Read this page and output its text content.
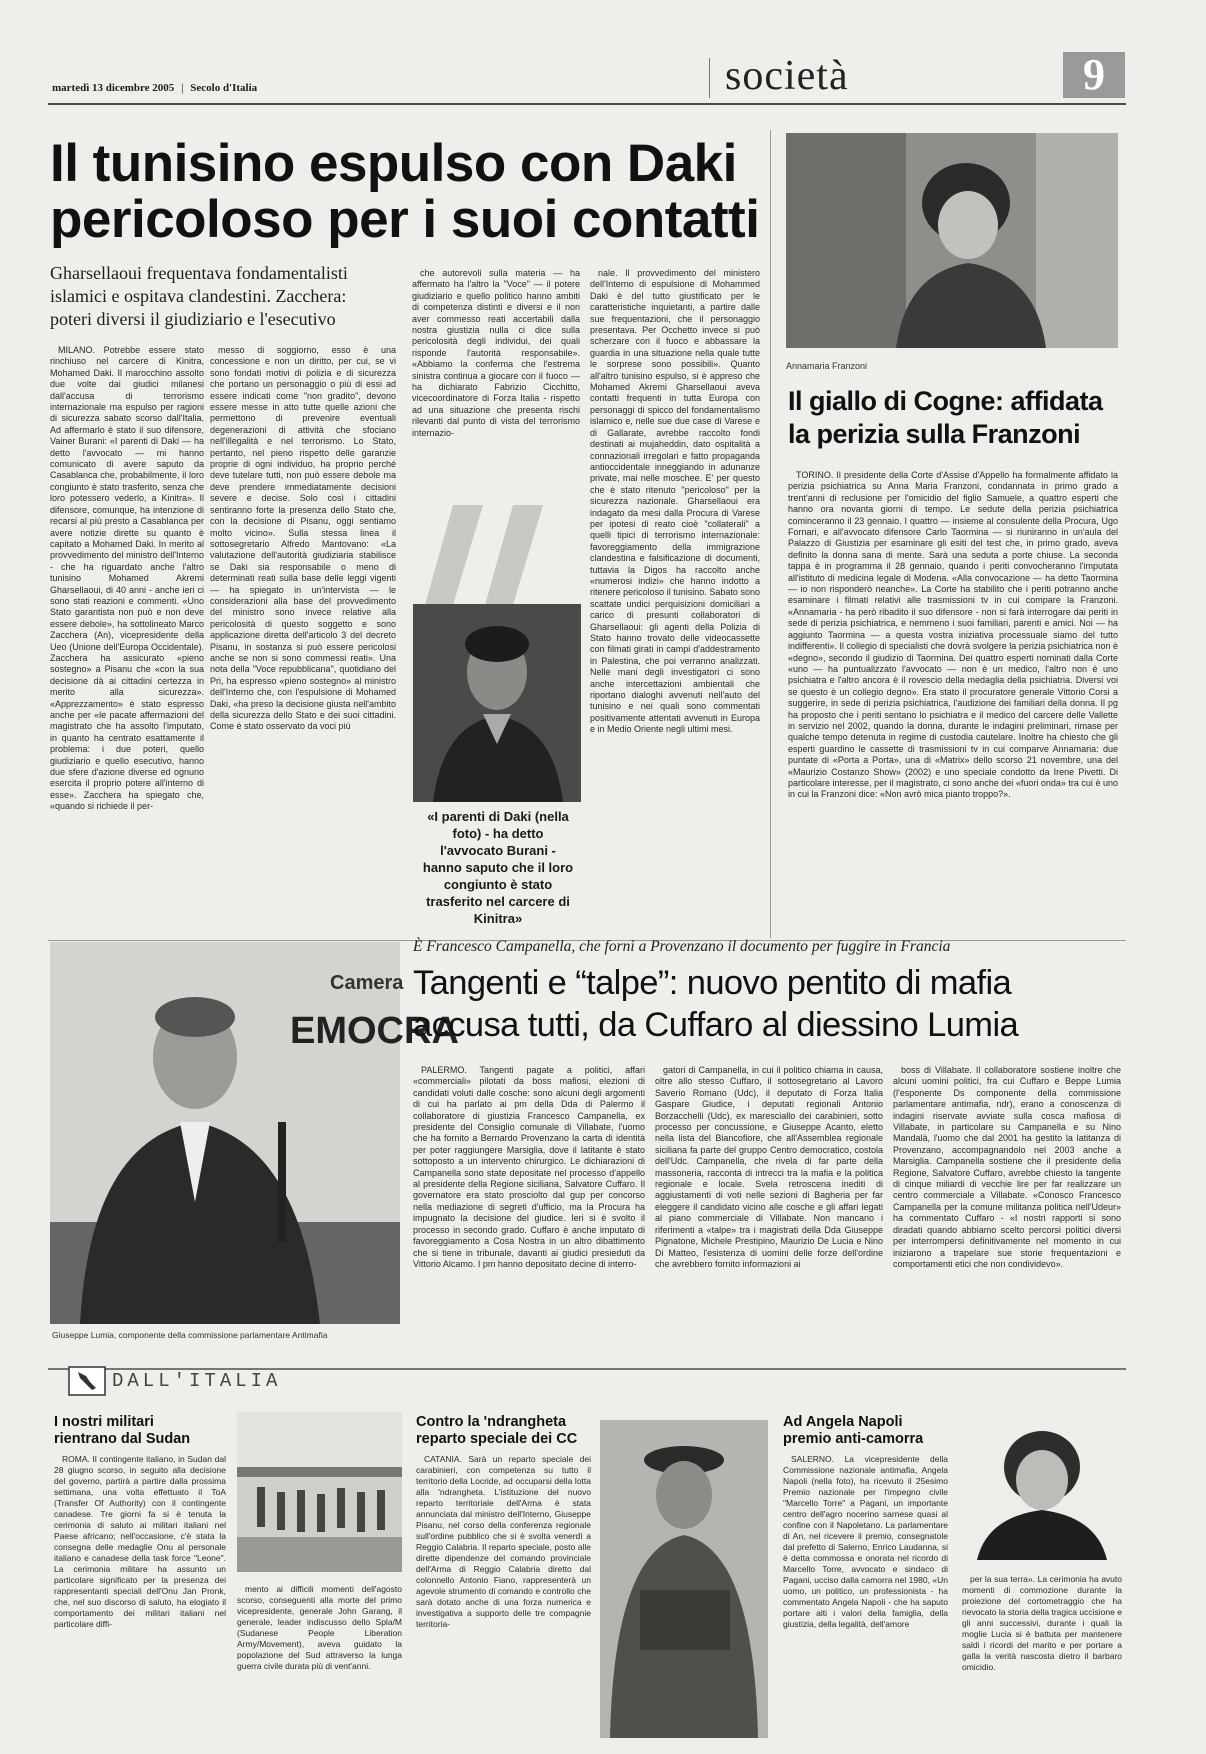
martedì 13 dicembre 2005 | Secolo d'Italia	società	9
Il tunisino espulso con Daki
pericoloso per i suoi contatti
Gharsellaoui frequentava fondamentalisti
islamici e ospitava clandestini. Zacchera:
poteri diversi il giudiziario e l'esecutivo

MILANO. Potrebbe essere stato rinchiuso nel carcere di Kinitra, Mohamed Daki. Il marocchino assolto due volte dai giudici milanesi dall'accusa di terrorismo internazionale ma espulso per ragioni di sicurezza sabato scorso dall'Italia. Ad affermarlo è stato il suo difensore, Vainer Burani: «I parenti di Daki — ha detto l'avvocato — mi hanno comunicato di avere saputo da Casablanca che, probabilmente, il loro congiunto è stato trasferito, senza che loro potessero vederlo, a Kinitra». Il difensore, comunque, ha intenzione di recarsi al più presto a Casablanca per avere notizie dirette su quanto è capitato a Mohamed Daki. In merito al provvedimento del ministro dell'Interno - che ha riguardato anche l'altro tunisino Mohamed Akremi Gharsellaoui, di 40 anni - anche ieri ci sono stati reazioni e commenti. «Uno Stato garantista non può e non deve essere debole», ha sottolineato Marco Zacchera (An), vicepresidente della Ueo (Unione dell'Europa Occidentale). Zacchera ha assicurato «pieno sostegno» a Pisanu che «con la sua decisione dà ai cittadini certezza in merito alla sicurezza». «Apprezzamento» è stato espresso anche per «le pacate affermazioni del magistrato che ha assolto l'imputato, in quanto ha centrato esattamente il problema: i due poteri, quello giudiziario e quello esecutivo, hanno due sfere d'azione diverse ed ognuno esercita il proprio potere all'interno di esse». Zacchera ha spiegato che, «quando si richiede il per-

messo di soggiorno, esso è una concessione e non un diritto, per cui, se vi sono fondati motivi di polizia e di sicurezza che portano un personaggio o più di essi ad essere indicati come "non gradito", devono essere messe in atto tutte quelle azioni che permettono di prevenire eventuali degenerazioni di attività che sfociano nell'illegalità e nel terrorismo. Lo Stato, pertanto, nel pieno rispetto delle garanzie proprie di ogni individuo, ha proprio perché deve tutelare tutti, non può essere debole ma deve prendere immediatamente decisioni severe e decise. Solo così i cittadini sentiranno forte la presenza dello Stato che, con la decisione di Pisanu, oggi sentiamo molto vicino». Sulla stessa linea il sottosegretario Alfredo Mantovano: «La valutazione dell'autorità giudiziaria stabilisce se Daki sia responsabile o meno di determinati reati sulla base delle leggi vigenti — ha spiegato in un'intervista — le considerazioni alla base del provvedimento del ministro sono invece relative alla pericolosità di questo soggetto e sono applicazione diretta dell'articolo 3 del decreto Pisanu, in sostanza si può essere pericolosi anche se non si sono commessi reati». Una nota della "Voce repubblicana", quotidiano del Pri, ha espresso «pieno sostegno» al ministro dell'Interno che, con l'espulsione di Mohamed Daki, «ha preso la decisione giusta nell'ambito della sicurezza dello Stato e dei suoi cittadini. Come è stato osservato da voci più

che autorevoli sulla materia — ha affermato ha l'altro la "Voce" — il potere giudiziario e quello politico hanno ambiti di competenza distinti e diversi e il non aver commesso reati accertabili dalla nostra giustizia nulla ci dice sulla pericolosità degli individui, dei quali risponde l'autorità responsabile». «Abbiamo la conferma che l'estrema sinistra continua a giocare con il fuoco — ha dichiarato Fabrizio Cicchitto, vicecoordinatore di Forza Italia - rispetto ad una situazione che presenta rischi rilevanti dal punto di vista del terrorismo internazio-

nale. Il provvedimento del ministero dell'Interno di espulsione di Mohammed Daki è del tutto giustificato per le caratteristiche inquietanti, a partire dalle sue frequentazioni, che il personaggio presentava. Per Occhetto invece si può scherzare con il fuoco e abbassare la guardia in una situazione nella quale tutte le sorprese sono possibili». Quanto all'altro tunisino espulso, si è appreso che Mohamed Akremi Gharsellaoui aveva contatti frequenti in tutta Europa con personaggi di spicco del fondamentalismo islamico e, nelle sue due case di Varese e di Gallarate, avrebbe raccolto fondi destinati ai mujaheddin, dato ospitalità a connazionali irregolari e fatto propaganda antioccidentale inneggiando in adunanze private, mai nelle moschee. E' per questo che è stato ritenuto "pericoloso" per la sicurezza nazionale. Gharsellaoui era indagato da mesi dalla Procura di Varese per ipotesi di reato cioè "collaterali" a quelli tipici di terrorismo internazionale: favoreggiamento della immigrazione clandestina e falsificazione di documenti, tuttavia la Digos ha raccolto anche «numerosi indizi» che hanno indotto a ritenere pericoloso il tunisino. Sabato sono scattate undici perquisizioni domiciliari a carico di presunti collaboratori di Gharsellaoui: gli agenti della Polizia di Stato hanno trovato delle videocassette con filmati girati in campi d'addestramento in Palestina, che poi verranno analizzati. Nelle mani degli investigatori ci sono anche intercettazioni ambientali che riportano dialoghi avvenuti nell'auto del tunisino e nei quali sono commentati positivamente attentati avvenuti in Europa e in Medio Oriente negli ultimi mesi.

«I parenti di Daki (nella foto) - ha detto l'avvocato Burani - hanno saputo che il loro congiunto è stato trasferito nel carcere di Kinitra»
Annamaria Franzoni
Il giallo di Cogne: affidata
la perizia sulla Franzoni

TORINO. Il presidente della Corte d'Assise d'Appello ha formalmente affidato la perizia psichiatrica su Anna Maria Franzoni, condannata in primo grado a trent'anni di reclusione per l'omicidio del figlio Samuele, a quattro esperti che hanno ora novanta giorni di tempo. Le sedute della perizia psichiatrica cominceranno il 23 gennaio. I quattro — insieme al consulente della Procura, Ugo Fornari, e all'avvocato difensore Carlo Taormina — si riuniranno in un'aula del Palazzo di Giustizia per esaminare gli esiti del test che, in primo grado, aveva definito la donna sana di mente. Sarà una seduta a porte chiuse. La seconda tappa è in programma il 28 gennaio, quando i periti convocheranno l'imputata all'istituto di medicina legale di Modena. «Alla convocazione — ha detto Taormina — io non risponderò neanche». La Corte ha stabilito che i periti potranno anche esaminare i filmati relativi alle trasmissioni tv in cui compare la Franzoni. «Annamaria - ha però ribadito il suo difensore - non si farà interrogare dai periti in sede di perizia psichiatrica, e nemmeno i suoi familiari, parenti e amici. Noi — ha aggiunto Taormina — a questa vostra iniziativa processuale siamo del tutto indifferenti». Il collegio di specialisti che dovrà svolgere la perizia psichiatrica non è «degno», secondo il giudizio di Taormina. Dei quattro esperti nominati dalla Corte «uno — ha puntualizzato l'avvocato — non è un medico, l'altro non è uno psichiatra e l'altro ancora è il rovescio della medaglia della psichiatria. Diversi voi se questo è un collegio degno». Era stato il procuratore generale Vittorio Corsi a suggerire, in sede di perizia psichiatrica, l'audizione dei familiari della donna. Il pg ha proposto che i periti sentano lo psichiatra e il medico del carcere delle Vallette in servizio nel 2002, quando la donna, durante le indagini preliminari, rimase per qualche tempo detenuta in regime di custodia cautelare. Inoltre ha chiesto che gli esperti guardino le cassette di trasmissioni tv in cui comparve Annamaria: due puntate di «Porta a Porta», una di «Matrix» dello scorso 21 novembre, una del «Maurizio Costanzo Show» (2002) e uno speciale condotto da Irene Pivetti. Di particolare interesse, per il magistrato, ci sono anche dei «fuori onda» tra cui è uno in cui la Franzoni dice: «Non avrò mica pianto troppo?».

Camera
EMOCRA
Giuseppe Lumia, componente della commissione parlamentare Antimafia
È Francesco Campanella, che fornì a Provenzano il documento per fuggire in Francia
Tangenti e “talpe”: nuovo pentito di mafia
accusa tutti, da Cuffaro al diessino Lumia

PALERMO. Tangenti pagate a politici, affari «commerciali» pilotati da boss mafiosi, elezioni di candidati voluti dalle cosche: sono alcuni degli argomenti di cui ha parlato ai pm della Dda di Palermo il collaboratore di giustizia Francesco Campanella, ex presidente del Consiglio comunale di Villabate, l'uomo che ha fornito a Bernardo Provenzano la carta di identità per poter raggiungere Marsiglia, dove il latitante è stato sottoposto a un intervento chirurgico. Le dichiarazioni di Campanella sono state depositate nel processo d'appello al presidente della Regione siciliana, Salvatore Cuffaro. Il governatore era stato prosciolto dal gup per concorso nella mediazione di segreti d'ufficio, ma la Procura ha impugnato la decisione del giudice. Ieri si è svolto il processo in secondo grado. Cuffaro è anche imputato di favoreggiamento a Cosa Nostra in un altro dibattimento che si tiene in tribunale, davanti ai giudici presieduti da Vittorio Alcamo. I pm hanno depositato decine di interro-

gatori di Campanella, in cui il politico chiama in causa, oltre allo stesso Cuffaro, il sottosegretario al Lavoro Saverio Romano (Udc), il deputato di Forza Italia Gaspare Giudice, i deputati regionali Antonio Borzacchelli (Udc), ex maresciallo dei carabinieri, sotto processo per concussione, e Giuseppe Acanto, eletto nella lista del Biancofiore, che all'Assemblea regionale siciliana fa parte del gruppo Centro democratico, costola dell'Udc. Campanella, che rivela di far parte della massoneria, racconta di intrecci tra la mafia e la politica regionale e locale. Svela retroscena inediti di aggiustamenti di voti nelle sezioni di Bagheria per far eleggere il candidato vicino alle cosche e gli affari legati al piano commerciale di Villabate. Non mancano i riferimenti a «talpe» tra i magistrati della Dda Giuseppe Pignatone, Michele Prestipino, Maurizio De Lucia e Nino Di Matteo, l'esistenza di uomini delle forze dell'ordine che avrebbero fornito informazioni ai

boss di Villabate. Il collaboratore sostiene inoltre che alcuni uomini politici, fra cui Cuffaro e Beppe Lumia (l'esponente Ds componente della commissione parlamentare antimafia, ndr), erano a conoscenza di indagini riservate avviate sulla cosca mafiosa di Villabate, in particolare su Campanella e su Nino Mandalà, l'uomo che dal 2001 ha gestito la latitanza di Provenzano, accompagnandolo nel 2003 anche a Marsiglia. Campanella sostiene che il presidente della Regione, Salvatore Cuffaro, avrebbe chiesto la tangente di cinque miliardi di vecchie lire per far realizzare un centro commerciale a Villabate. «Conosco Francesco Campanella per la comune militanza politica nell'Udeur» ha commentato Cuffaro - «I nostri rapporti si sono diradati quando abbiamo scelto percorsi politici diversi per interrompersi definitivamente nel momento in cui iniziarono a trapelare sue storie frequentazioni e comportamenti etici che non condividevo».

DALL'ITALIA
I nostri militari
rientrano dal Sudan

ROMA. Il contingente italiano, in Sudan dal 28 giugno scorso, in seguito alla decisione del governo, partirà a partire dalla prossima settimana, una volta effettuato il ToA (Transfer Of Authority) con il contingente canadese. Tre giorni fa si è tenuta la cerimonia di saluto ai militari italiani nel Paese africano; nell'occasione, c'è stata la consegna delle medaglie Onu al personale italiano e canadese della task force "Leone". La cerimonia militare ha assunto un particolare significato per la presenza dei rappresentanti speciali dell'Onu Jan Pronk, che, nel suo discorso di saluto, ha elogiato il comportamento dei militari italiani nel particolare diffi-

mento ai difficili momenti dell'agosto scorso, conseguenti alla morte del primo vicepresidente, generale John Garang, il generale, leader indiscusso dello Spla/M (Sudanese People Liberation Army/Movement), aveva guidato la popolazione del Sud attraverso la lunga guerra civile durata più di vent'anni.

Contro la 'ndrangheta
reparto speciale dei CC

CATANIA. Sarà un reparto speciale dei carabinieri, con competenza su tutto il territorio della Locride, ad occuparsi della lotta alla 'ndrangheta. L'istituzione del nuovo reparto territoriale dell'Arma è stata annunciata dal ministro dell'Interno, Giuseppe Pisanu, nel corso della conferenza regionale sull'ordine pubblico che si è svolta venerdì a Reggio Calabria. Il reparto speciale, posto alle dirette dipendenze del comando provinciale dell'Arma di Reggio Calabria diretto dal colonnello Antonio Fiano, rappresenterà un agevole strumento di comando e controllo che sarà dotato anche di una forza numerica e investigativa a supporto delle tre compagnie territoria-

Ad Angela Napoli
premio anti-camorra

SALERNO. La vicepresidente della Commissione nazionale antimafia, Angela Napoli (nella foto), ha ricevuto il 25esimo Premio nazionale per l'impegno civile "Marcello Torre" a Pagani, un importante centro dell'agro nocerino sarnese quasi al confine con il Napoletano. La parlamentare di An, nel ricevere il premio, consegnatole dal prefetto di Salerno, Enrico Laudanna, si è detta commossa e onorata nel ricordo di Marcello Torre, avvocato e sindaco di Pagani, ucciso dalla camorra nel 1980, «Un uomo, un politico, un professionista - ha commentato Angela Napoli - che ha saputo portare alti i valori della famiglia, della giustizia, della legalità, dell'amore

per la sua terra». La cerimonia ha avuto momenti di commozione durante la proiezione del cortometraggio che ha rievocato la storia della tragica uccisione e gli anni successivi, durante i quali la moglie Lucia si è battuta per mantenere saldi i ricordi del marito e per portare a galla la verità nascosta dietro il barbaro omicidio.
